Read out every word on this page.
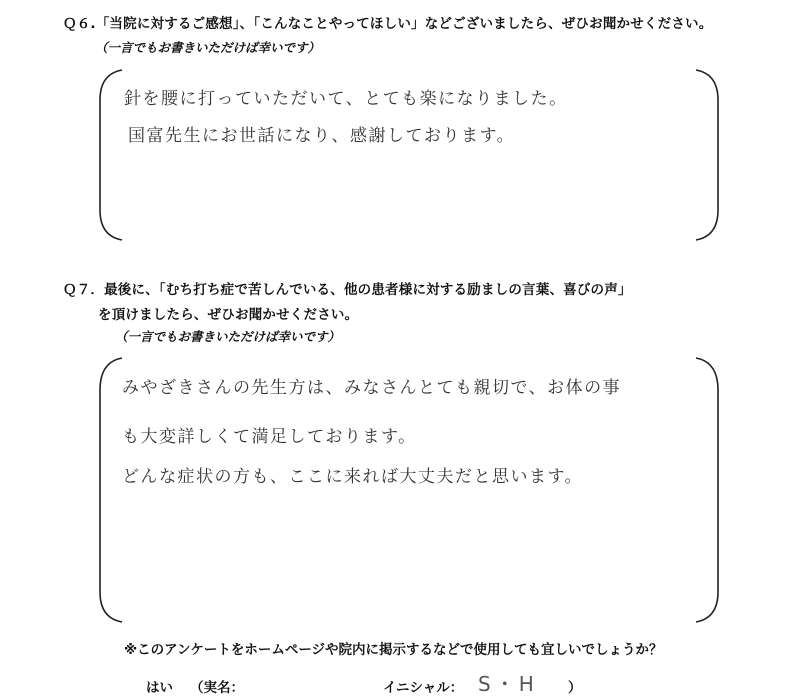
Ｑ６.「当院に対するご感想」、「こんなことやってほしい」などございましたら、ぜひお聞かせください。
（一言でもお書きいただけば幸いです）
針を腰に打っていただいて、とても楽になりました。
国富先生にお世話になり、感謝しております。
Ｑ７．最後に、「むち打ち症で苦しんでいる、他の患者様に対する励ましの言葉、喜びの声」
を頂けましたら、ぜひお聞かせください。
（一言でもお書きいただけば幸いです）
みやざきさんの先生方は、みなさんとても親切で、お体の事
も大変詳しくて満足しております。
どんな症状の方も、ここに来れば大丈夫だと思います。
※このアンケートをホームページや院内に掲示するなどで使用しても宜しいでしょうか？
はい （実名：	イニシャル： S・H ）
